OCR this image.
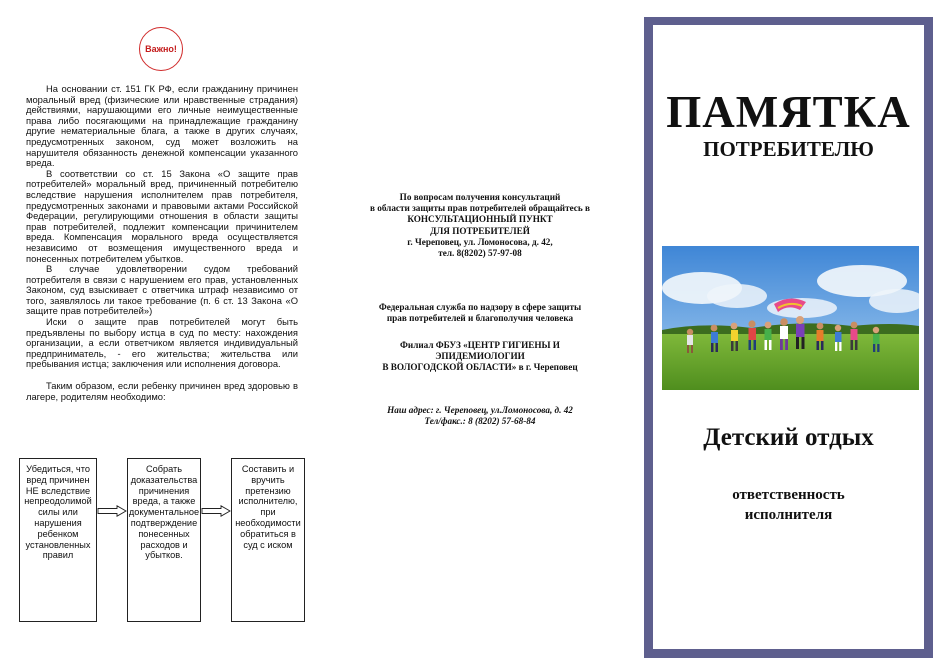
Важно!

На основании ст. 151 ГК РФ, если гражданину причинен моральный вред (физические или нравственные страдания) действиями, нарушающими его личные неимущественные права либо посягающими на принадлежащие гражданину другие нематериальные блага, а также в других случаях, предусмотренных законом, суд может возложить на нарушителя обязанность денежной компенсации указанного вреда.

В соответствии со ст. 15 Закона «О защите прав потребителей» моральный вред, причиненный потребителю вследствие нарушения исполнителем прав потребителя, предусмотренных законами и правовыми актами Российской Федерации, регулирующими отношения в области защиты прав потребителей, подлежит компенсации причинителем вреда. Компенсация морального вреда осуществляется независимо от возмещения имущественного вреда и понесенных потребителем убытков.

В случае удовлетворении судом требований потребителя в связи с нарушением его прав, установленных Законом, суд взыскивает с ответчика штраф независимо от того, заявлялось ли такое требование (п. 6 ст. 13 Закона «О защите прав потребителей»)

Иски о защите прав потребителей могут быть предъявлены по выбору истца в суд по месту: нахождения организации, а если ответчиком является индивидуальный предприниматель, - его жительства; жительства или пребывания истца; заключения или исполнения договора.

Таким образом, если ребенку причинен вред здоровью в лагере, родителям необходимо:

Убедиться, что вред причинен НЕ вследствие непреодолимой силы или нарушения ребенком установленных правил
Собрать доказательства причинения вреда, а также документальное подтверждение понесенных расходов и убытков.
Составить и вручить претензию исполнителю, при необходимости обратиться в суд с иском
По вопросам получения консультаций
в области защиты прав потребителей обращайтесь в
КОНСУЛЬТАЦИОННЫЙ ПУНКТ
ДЛЯ ПОТРЕБИТЕЛЕЙ
г. Череповец, ул. Ломоносова, д. 42,
тел. 8(8202) 57-97-08
Федеральная служба по надзору в сфере защиты
прав потребителей и благополучия человека
Филиал ФБУЗ «ЦЕНТР ГИГИЕНЫ И
ЭПИДЕМИОЛОГИИ
В ВОЛОГОДСКОЙ ОБЛАСТИ» в г. Череповец
Наш адрес: г. Череповец, ул.Ломоносова, д. 42
Тел/факс.: 8 (8202) 57-68-84
ПАМЯТКА
ПОТРЕБИТЕЛЮ
Детский отдых
ответственность
исполнителя
